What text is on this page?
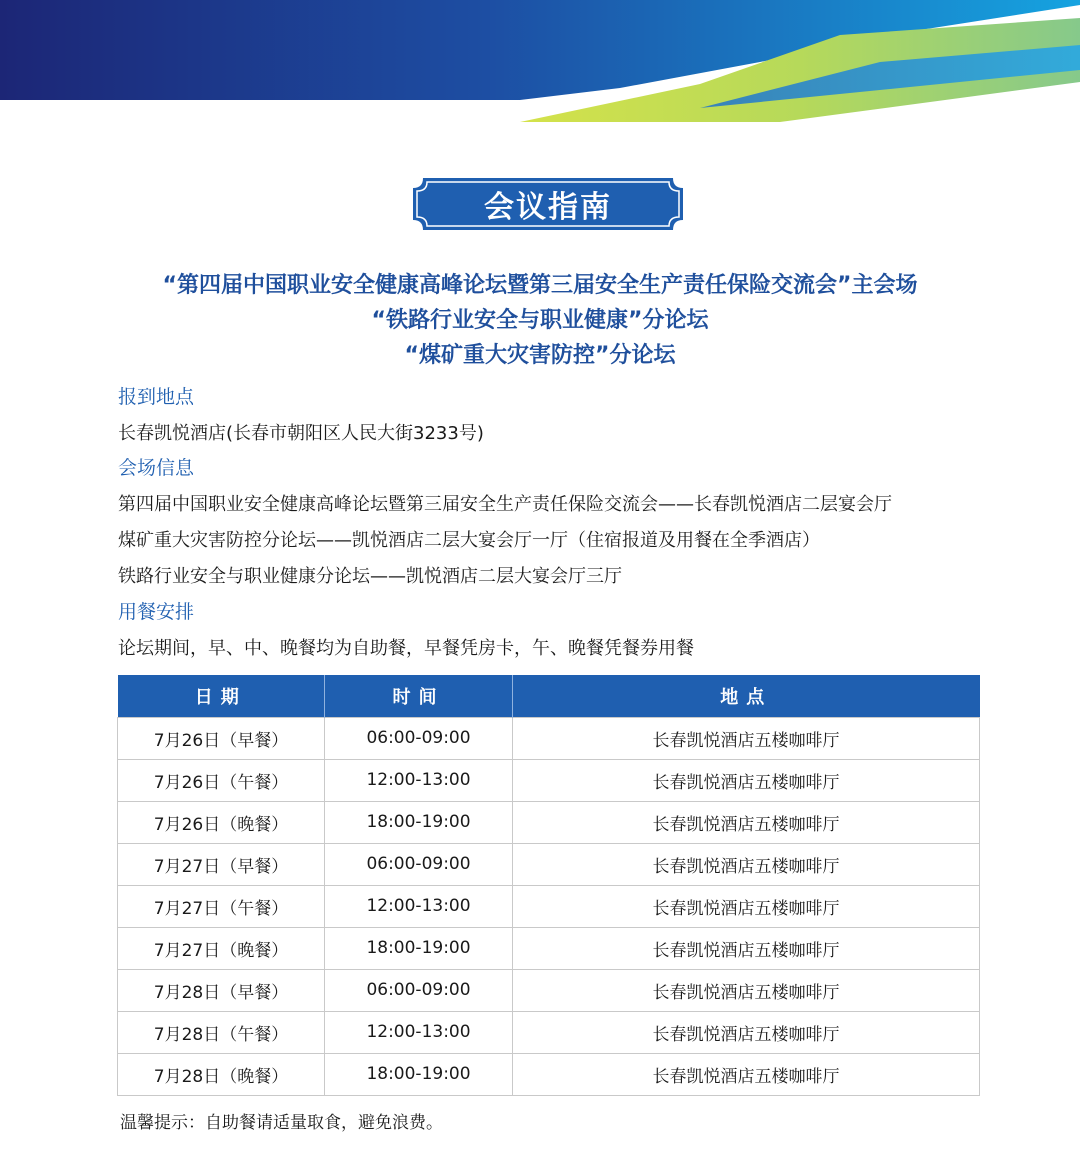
会议指南
“第四届中国职业安全健康高峰论坛暨第三届安全生产责任保险交流会”主会场
“铁路行业安全与职业健康”分论坛
“煤矿重大灾害防控”分论坛
报到地点
长春凯悦酒店(长春市朝阳区人民大街3233号)
会场信息
第四届中国职业安全健康高峰论坛暨第三届安全生产责任保险交流会——长春凯悦酒店二层宴会厅
煤矿重大灾害防控分论坛——凯悦酒店二层大宴会厅一厅（住宿报道及用餐在全季酒店）
铁路行业安全与职业健康分论坛——凯悦酒店二层大宴会厅三厅
用餐安排
论坛期间，早、中、晚餐均为自助餐，早餐凭房卡，午、晚餐凭餐券用餐
日期	时间	地点
7月26日（早餐）	06:00-09:00	长春凯悦酒店五楼咖啡厅
7月26日（午餐）	12:00-13:00	长春凯悦酒店五楼咖啡厅
7月26日（晚餐）	18:00-19:00	长春凯悦酒店五楼咖啡厅
7月27日（早餐）	06:00-09:00	长春凯悦酒店五楼咖啡厅
7月27日（午餐）	12:00-13:00	长春凯悦酒店五楼咖啡厅
7月27日（晚餐）	18:00-19:00	长春凯悦酒店五楼咖啡厅
7月28日（早餐）	06:00-09:00	长春凯悦酒店五楼咖啡厅
7月28日（午餐）	12:00-13:00	长春凯悦酒店五楼咖啡厅
7月28日（晚餐）	18:00-19:00	长春凯悦酒店五楼咖啡厅
温馨提示：自助餐请适量取食，避免浪费。
